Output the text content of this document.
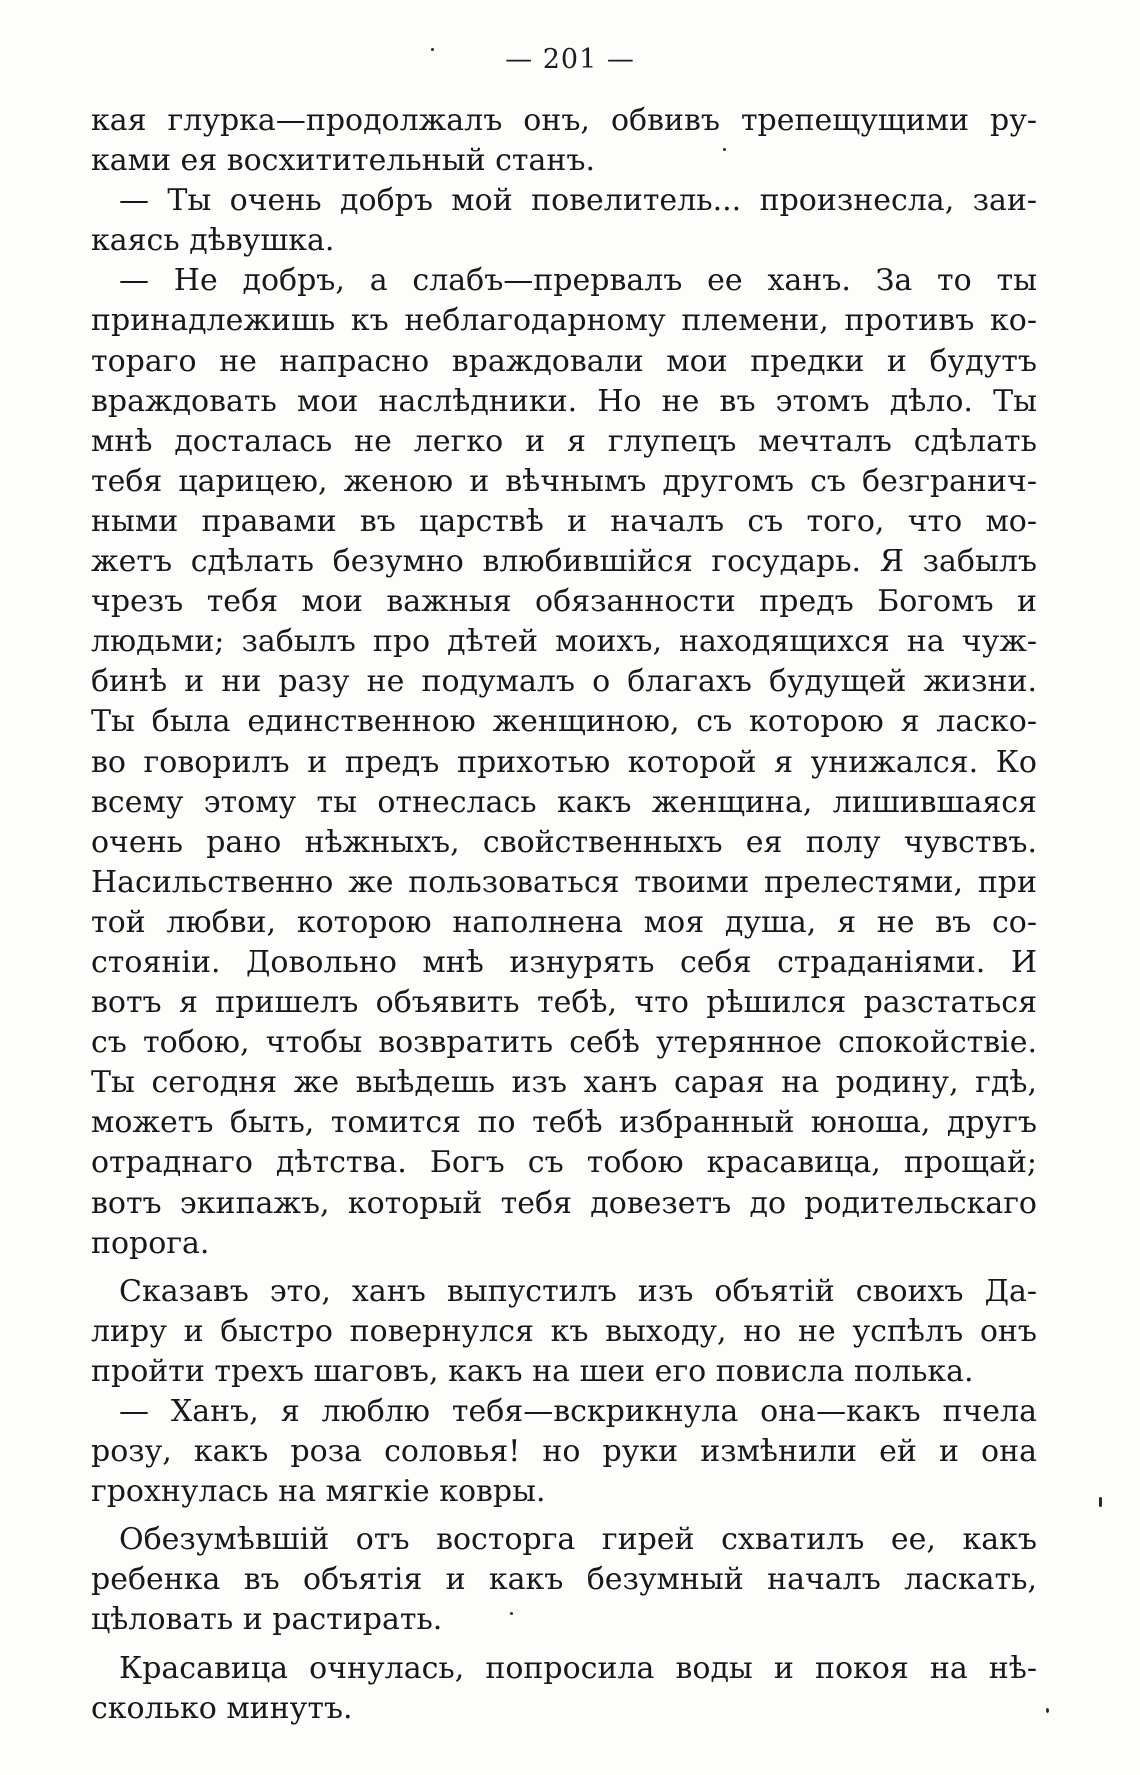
— 201 —
кая глурка—продолжалъ онъ, обвивъ трепещущими ру-
ками ея восхитительный станъ.
— Ты очень добръ мой повелитель... произнесла, заи-
каясь дѣвушка.
— Не добръ, а слабъ—прервалъ ее ханъ. За то ты
принадлежишь къ неблагодарному племени, противъ ко-
тораго не напрасно враждовали мои предки и будутъ
враждовать мои наслѣдники. Но не въ этомъ дѣло. Ты
мнѣ досталась не легко и я глупецъ мечталъ сдѣлать
тебя царицею, женою и вѣчнымъ другомъ съ безгранич-
ными правами въ царствѣ и началъ съ того, что мо-
жетъ сдѣлать безумно влюбившійся государь. Я забылъ
чрезъ тебя мои важныя обязанности предъ Богомъ и
людьми; забылъ про дѣтей моихъ, находящихся на чуж-
бинѣ и ни разу не подумалъ о благахъ будущей жизни.
Ты была единственною женщиною, съ которою я ласко-
во говорилъ и предъ прихотью которой я унижался. Ко
всему этому ты отнеслась какъ женщина, лишившаяся
очень рано нѣжныхъ, свойственныхъ ея полу чувствъ.
Насильственно же пользоваться твоими прелестями, при
той любви, которою наполнена моя душа, я не въ со-
стояніи. Довольно мнѣ изнурять себя страданіями. И
вотъ я пришелъ объявить тебѣ, что рѣшился разстаться
съ тобою, чтобы возвратить себѣ утерянное спокойствіе.
Ты сегодня же выѣдешь изъ ханъ сарая на родину, гдѣ,
можетъ быть, томится по тебѣ избранный юноша, другъ
отраднаго дѣтства. Богъ съ тобою красавица, прощай;
вотъ экипажъ, который тебя довезетъ до родительскаго
порога.
Сказавъ это, ханъ выпустилъ изъ объятій своихъ Да-
лиру и быстро повернулся къ выходу, но не успѣлъ онъ
пройти трехъ шаговъ, какъ на шеи его повисла полька.
— Ханъ, я люблю тебя—вскрикнула она—какъ пчела
розу, какъ роза соловья! но руки измѣнили ей и она
грохнулась на мягкіе ковры.
Обезумѣвшій отъ восторга гирей схватилъ ее, какъ
ребенка въ объятія и какъ безумный началъ ласкать,
цѣловать и растирать.
Красавица очнулась, попросила воды и покоя на нѣ-
сколько минутъ.
